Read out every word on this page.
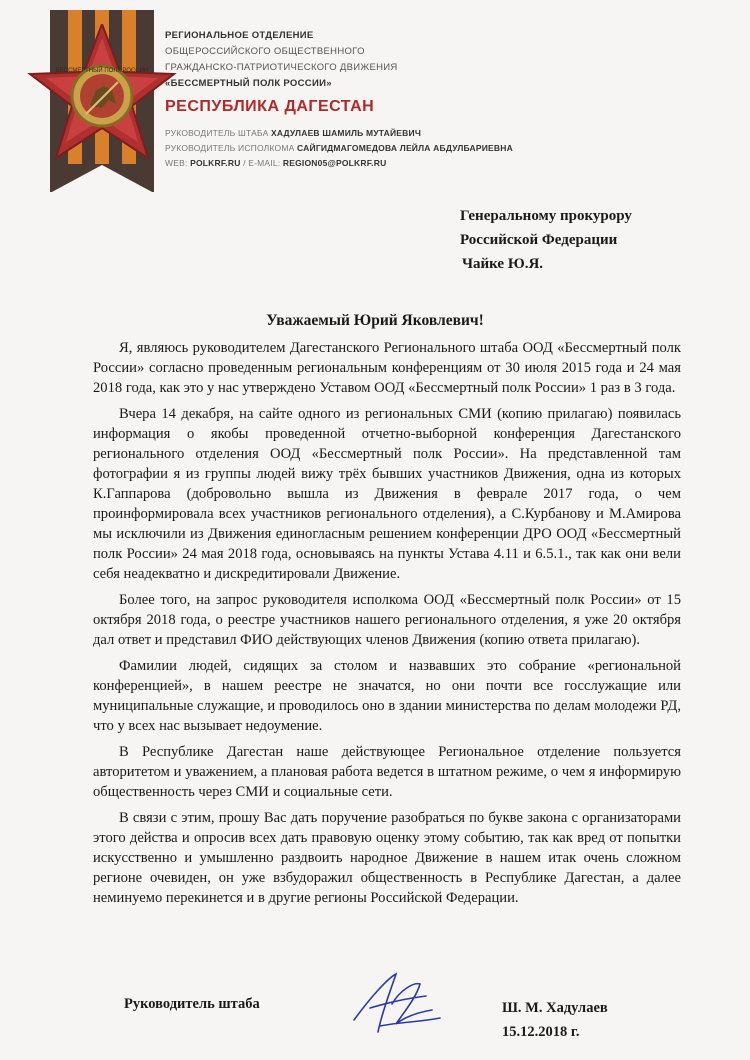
БЕССМЕРТНЫЙ ПОЛК РОССИИ
РЕГИОНАЛЬНОЕ ОТДЕЛЕНИЕ
ОБЩЕРОССИЙСКОГО ОБЩЕСТВЕННОГО
ГРАЖДАНСКО-ПАТРИОТИЧЕСКОГО ДВИЖЕНИЯ
«БЕССМЕРТНЫЙ ПОЛК РОССИИ»
РЕСПУБЛИКА ДАГЕСТАН
РУКОВОДИТЕЛЬ ШТАБА ХАДУЛАЕВ ШАМИЛЬ МУТАЙЕВИЧ
РУКОВОДИТЕЛЬ ИСПОЛКОМА САЙГИДМАГОМЕДОВА ЛЕЙЛА АБДУЛБАРИЕВНА
WEB: POLKRF.RU / E-MAIL: REGION05@POLKRF.RU
Генеральному прокурору
Российской Федерации
Чайке Ю.Я.
Уважаемый Юрий Яковлевич!

Я, являюсь руководителем Дагестанского Регионального штаба ООД «Бессмертный полк России» согласно проведенным региональным конференциям от 30 июля 2015 года и 24 мая 2018 года, как это у нас утверждено Уставом ООД «Бессмертный полк России» 1 раз в 3 года.

Вчера 14 декабря, на сайте одного из региональных СМИ (копию прилагаю) появилась информация о якобы проведенной отчетно-выборной конференция Дагестанского регионального отделения ООД «Бессмертный полк России». На представленной там фотографии я из группы людей вижу трёх бывших участников Движения, одна из которых К.Гаппарова (добровольно вышла из Движения в феврале 2017 года, о чем проинформировала всех участников регионального отделения), а С.Курбанову и М.Амирова мы исключили из Движения единогласным решением конференции ДРО ООД «Бессмертный полк России» 24 мая 2018 года, основываясь на пункты Устава 4.11 и 6.5.1., так как они вели себя неадекватно и дискредитировали Движение.

Более того, на запрос руководителя исполкома ООД «Бессмертный полк России» от 15 октября 2018 года, о реестре участников нашего регионального отделения, я уже 20 октября дал ответ и представил ФИО действующих членов Движения (копию ответа прилагаю).

Фамилии людей, сидящих за столом и назвавших это собрание «региональной конференцией», в нашем реестре не значатся, но они почти все госслужащие или муниципальные служащие, и проводилось оно в здании министерства по делам молодежи РД, что у всех нас вызывает недоумение.

В Республике Дагестан наше действующее Региональное отделение пользуется авторитетом и уважением, а плановая работа ведется в штатном режиме, о чем я информирую общественность через СМИ и социальные сети.

В связи с этим, прошу Вас дать поручение разобраться по букве закона с организаторами этого действа и опросив всех дать правовую оценку этому событию, так как вред от попытки искусственно и умышленно раздвоить народное Движение в нашем итак очень сложном регионе очевиден, он уже взбудоражил общественность в Республике Дагестан, а далее неминуемо перекинется и в другие регионы Российской Федерации.

Руководитель штаба	Ш. М. Хадулаев
15.12.2018 г.
